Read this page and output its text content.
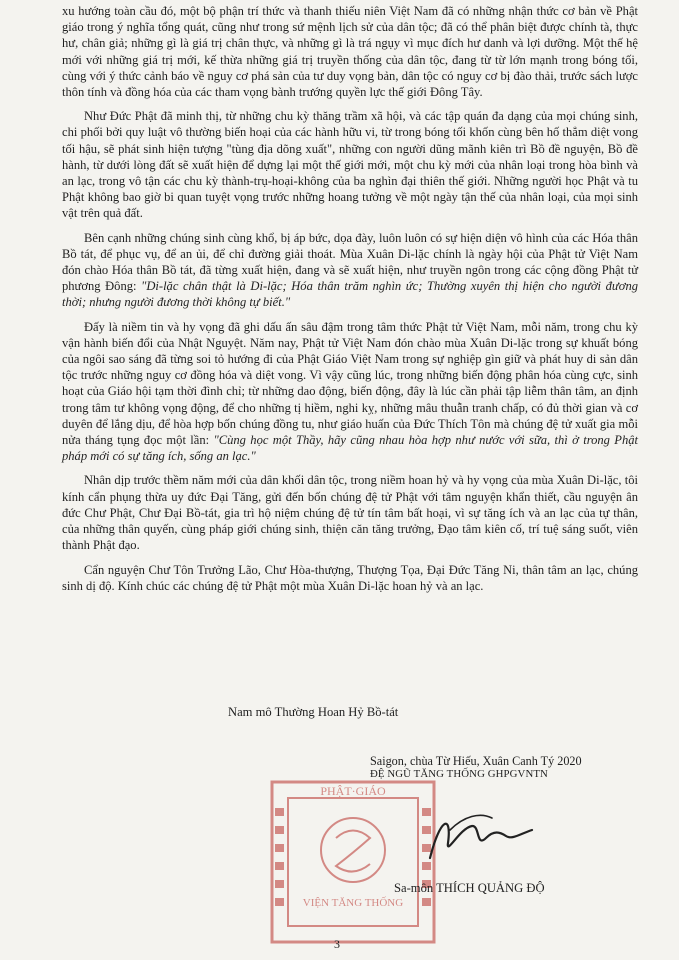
xu hướng toàn cầu đó, một bộ phận trí thức và thanh thiếu niên Việt Nam đã có những nhận thức cơ bản về Phật giáo trong ý nghĩa tổng quát, cũng như trong sứ mệnh lịch sử của dân tộc; đã có thể phân biệt được chính tà, thực hư, chân giả; những gì là giá trị chân thực, và những gì là trá ngụy vì mục đích hư danh và lợi dưỡng. Một thế hệ mới với những giá trị mới, kế thừa những giá trị truyền thống của dân tộc, đang từ từ lớn mạnh trong bóng tối, cùng với ý thức cảnh báo về nguy cơ phá sản của tư duy vọng bản, dân tộc có nguy cơ bị đào thải, trước sách lược thôn tính và đồng hóa của các tham vọng bành trướng quyền lực thế giới Đông Tây.

Như Đức Phật đã minh thị, từ những chu kỳ thăng trầm xã hội, và các tập quán đa dạng của mọi chúng sinh, chi phối bởi quy luật vô thường biến hoại của các hành hữu vi, từ trong bóng tối khốn cùng bên hố thẳm diệt vong tối hậu, sẽ phát sinh hiện tượng "tùng địa dõng xuất", những con người dũng mãnh kiên trì Bồ đề nguyện, Bồ đề hành, từ dưới lòng đất sẽ xuất hiện để dựng lại một thế giới mới, một chu kỳ mới của nhân loại trong hòa bình và an lạc, trong vô tận các chu kỳ thành-trụ-hoại-không của ba nghìn đại thiên thế giới. Những người học Phật và tu Phật không bao giờ bi quan tuyệt vọng trước những hoang tưởng về một ngày tận thế của nhân loại, của mọi sinh vật trên quả đất.

Bên cạnh những chúng sinh cùng khổ, bị áp bức, dọa đày, luôn luôn có sự hiện diện vô hình của các Hóa thân Bồ tát, để phục vụ, để an ủi, để chỉ đường giải thoát. Mùa Xuân Di-lặc chính là ngày hội của Phật tử Việt Nam đón chào Hóa thân Bồ tát, đã từng xuất hiện, đang và sẽ xuất hiện, như truyền ngôn trong các cộng đồng Phật tử phương Đông: "Di-lặc chân thật là Di-lặc; Hóa thân trăm nghìn ức; Thường xuyên thị hiện cho người đương thời; nhưng người đương thời không tự biết."

Đấy là niềm tin và hy vọng đã ghi dấu ấn sâu đậm trong tâm thức Phật tử Việt Nam, mỗi năm, trong chu kỳ vận hành biến đổi của Nhật Nguyệt. Năm nay, Phật tử Việt Nam đón chào mùa Xuân Di-lặc trong sự khuất bóng của ngôi sao sáng đã từng soi tỏ hướng đi của Phật Giáo Việt Nam trong sự nghiệp gìn giữ và phát huy di sản dân tộc trước những nguy cơ đồng hóa và diệt vong. Vì vậy cũng lúc, trong những biến động phân hóa cùng cực, sinh hoạt của Giáo hội tạm thời đình chỉ; từ những dao động, biến động, đây là lúc cần phải tập liễm thân tâm, an định trong tâm tư không vọng động, để cho những tị hiềm, nghi kỵ, những mâu thuẫn tranh chấp, có đủ thời gian và cơ duyên để lắng dịu, để hòa hợp bốn chúng đồng tu, như giáo huấn của Đức Thích Tôn mà chúng đệ tử xuất gia mỗi nửa tháng tụng đọc một lần: "Cùng học một Thầy, hãy cũng nhau hòa hợp như nước với sữa, thì ở trong Phật pháp mới có sự tăng ích, sống an lạc."

Nhân dịp trước thềm năm mới của dân khối dân tộc, trong niềm hoan hỷ và hy vọng của mùa Xuân Di-lặc, tôi kính cẩn phụng thừa uy đức Đại Tăng, gửi đến bốn chúng đệ tử Phật với tâm nguyện khẩn thiết, cầu nguyện ân đức Chư Phật, Chư Đại Bồ-tát, gia trì hộ niệm chúng đệ tử tín tâm bất hoại, vì sự tăng ích và an lạc của tự thân, của những thân quyến, cùng pháp giới chúng sinh, thiện căn tăng trưởng, Đạo tâm kiên cố, trí tuệ sáng suốt, viên thành Phật đạo.

Cẩn nguyện Chư Tôn Trưởng Lão, Chư Hòa-thượng, Thượng Tọa, Đại Đức Tăng Ni, thân tâm an lạc, chúng sinh dị độ. Kính chúc các chúng đệ tử Phật một mùa Xuân Di-lặc hoan hỷ và an lạc.

Nam mô Thường Hoan Hỷ Bồ-tát
Saigon, chùa Từ Hiếu, Xuân Canh Tý 2020
ĐỆ NGŨ TĂNG THỐNG GHPGVNTN
PHẬT·GIÁO
VIỆN TĂNG THỐNG
Sa-môn THÍCH QUẢNG ĐỘ
3
